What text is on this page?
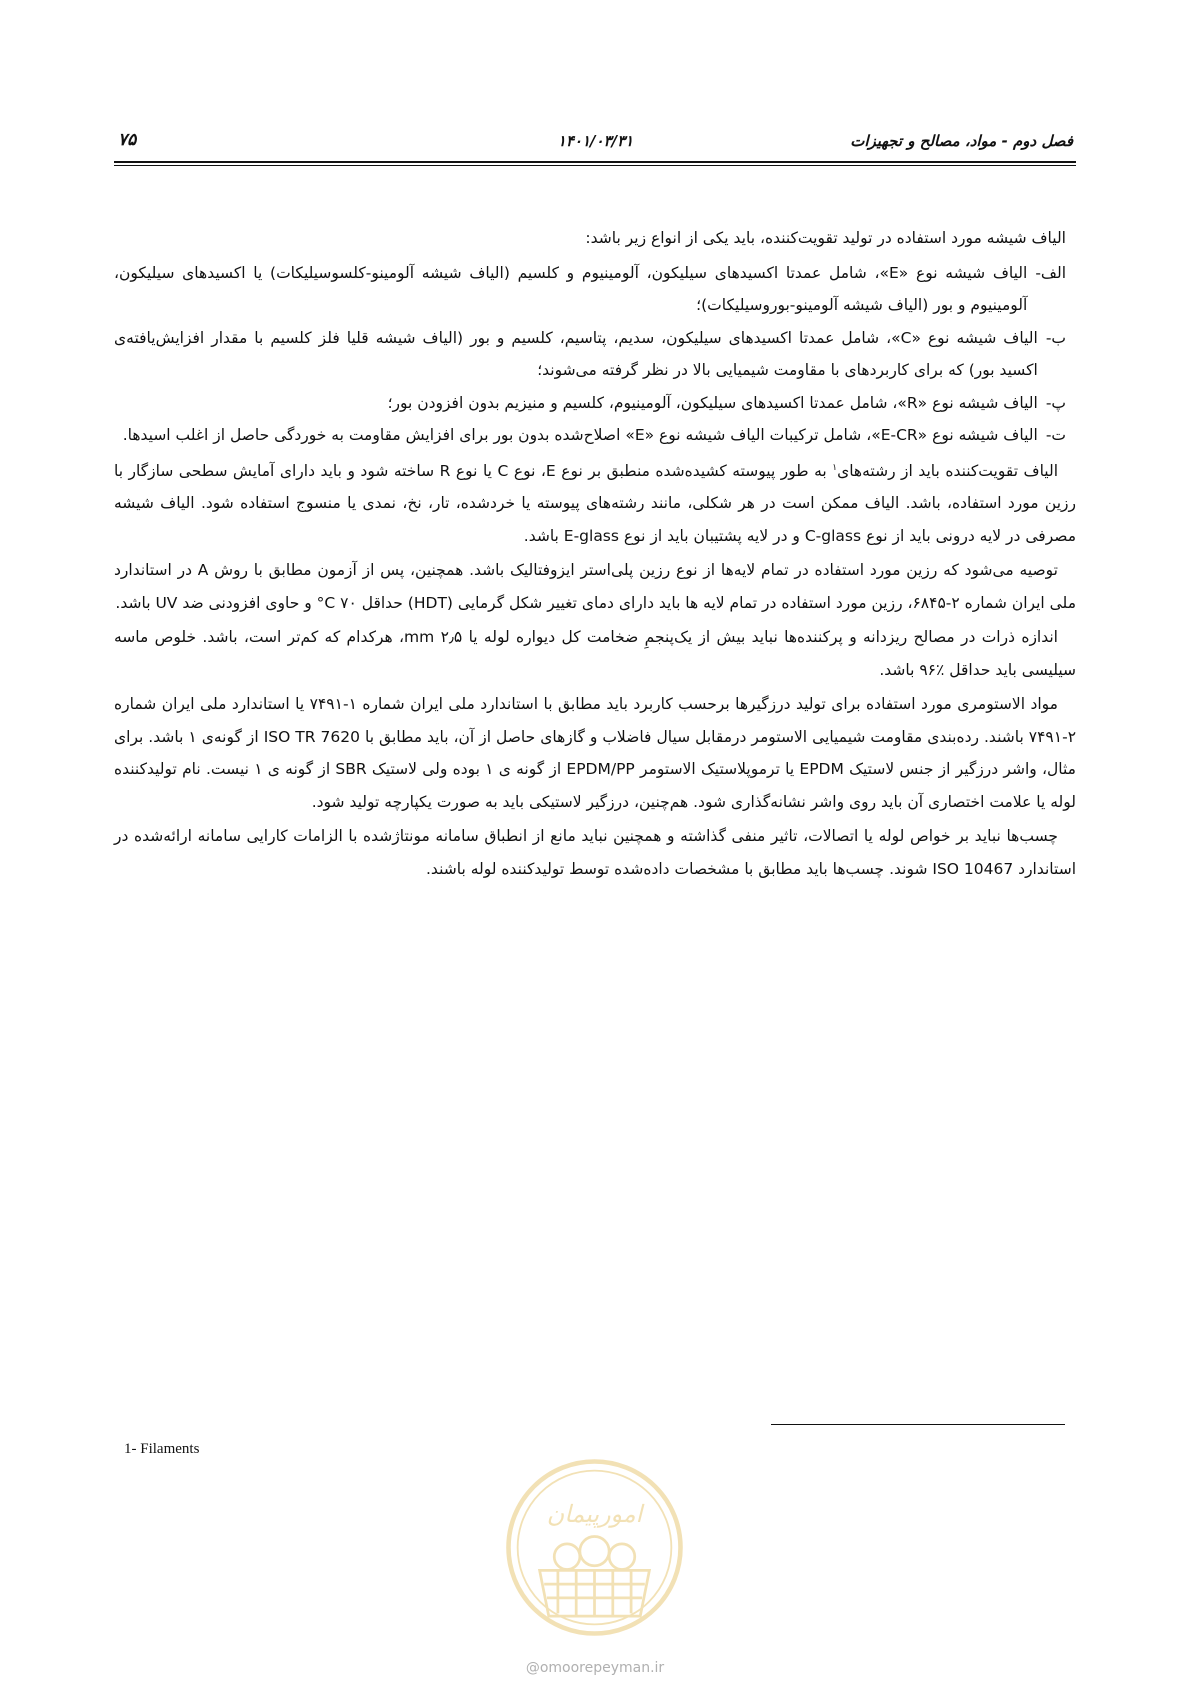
فصل دوم - مواد، مصالح و تجهیزات
۱۴۰۱/۰۳/۳۱
۷۵

الیاف شیشه مورد استفاده در تولید تقویت‌کننده، باید یکی از انواع زیر باشد:

الف-
الیاف شیشه نوع «E»، شامل عمدتا اکسیدهای سیلیکون، آلومینیوم و کلسیم (الیاف شیشه آلومینو-کلسوسیلیکات) یا اکسیدهای سیلیکون، آلومینیوم و بور (الیاف شیشه آلومینو-بوروسیلیکات)؛
ب-
الیاف شیشه نوع «C»، شامل عمدتا اکسیدهای سیلیکون، سدیم، پتاسیم، کلسیم و بور (الیاف شیشه قلیا فلز کلسیم با مقدار افزایش‌یافته‌ی اکسید بور) که برای کاربردهای با مقاومت شیمیایی بالا در نظر گرفته می‌شوند؛
پ-
الیاف شیشه نوع «R»، شامل عمدتا اکسیدهای سیلیکون، آلومینیوم، کلسیم و منیزیم بدون افزودن بور؛
ت-
الیاف شیشه نوع «E-CR»، شامل ترکیبات الیاف شیشه نوع «E» اصلاح‌شده بدون بور برای افزایش مقاومت به خوردگی حاصل از اغلب اسیدها.

الیاف تقویت‌کننده باید از رشته‌های$^۱$ به طور پیوسته کشیده‌شده منطبق بر نوع E، نوع C یا نوع R ساخته شود و باید دارای آمایش سطحی سازگار با رزین مورد استفاده، باشد. الیاف ممکن است در هر شکلی، مانند رشته‌های پیوسته یا خردشده، تار، نخ، نمدی یا منسوج استفاده شود. الیاف شیشه مصرفی در لایه درونی باید از نوع C-glass و در لایه پشتیبان باید از نوع E-glass باشد.

توصیه می‌شود که رزین مورد استفاده در تمام لایه‌ها از نوع رزین پلی‌استر ایزوفتالیک باشد. همچنین، پس از آزمون مطابق با روش A در استاندارد ملی ایران شماره ۲-۶۸۴۵، رزین مورد استفاده در تمام لایه ها باید دارای دمای تغییر شکل گرمایی (HDT) حداقل ‎°C ۷۰ و حاوی افزودنی ضد UV باشد.

اندازه ذرات در مصالح ریزدانه و پرکننده‌ها نباید بیش از یک‌پنجمِ ضخامت کل دیواره لوله یا ۲٫۵ mm، هرکدام که کم‌تر است، باشد. خلوص ماسه سیلیسی باید حداقل ٪۹۶ باشد.

مواد الاستومری مورد استفاده برای تولید درزگیرها برحسب کاربرد باید مطابق با استاندارد ملی ایران شماره ۱-۷۴۹۱ یا استاندارد ملی ایران شماره ۲-۷۴۹۱ باشند. رده‌بندی مقاومت شیمیایی الاستومر درمقابل سیال فاضلاب و گازهای حاصل از آن، باید مطابق با ISO TR 7620 از گونه‌ی ۱ باشد. برای مثال، واشر درزگیر از جنس لاستیک EPDM یا ترموپلاستیک الاستومر EPDM/PP از گونه ی ۱ بوده ولی لاستیک SBR از گونه ی ۱ نیست. نام تولیدکننده لوله یا علامت اختصاری آن باید روی واشر نشانه‌گذاری شود. هم‌چنین، درزگیر لاستیکی باید به صورت یکپارچه تولید شود.

چسب‌ها نباید بر خواص لوله یا اتصالات، تاثیر منفی گذاشته و همچنین نباید مانع از انطباق سامانه مونتاژشده با الزامات کارایی سامانه ارائه‌شده در استاندارد ISO 10467 شوند. چسب‌ها باید مطابق با مشخصات داده‌شده توسط تولیدکننده لوله باشند.

1- Filaments
امورپیمان
@omoorepeyman.ir
